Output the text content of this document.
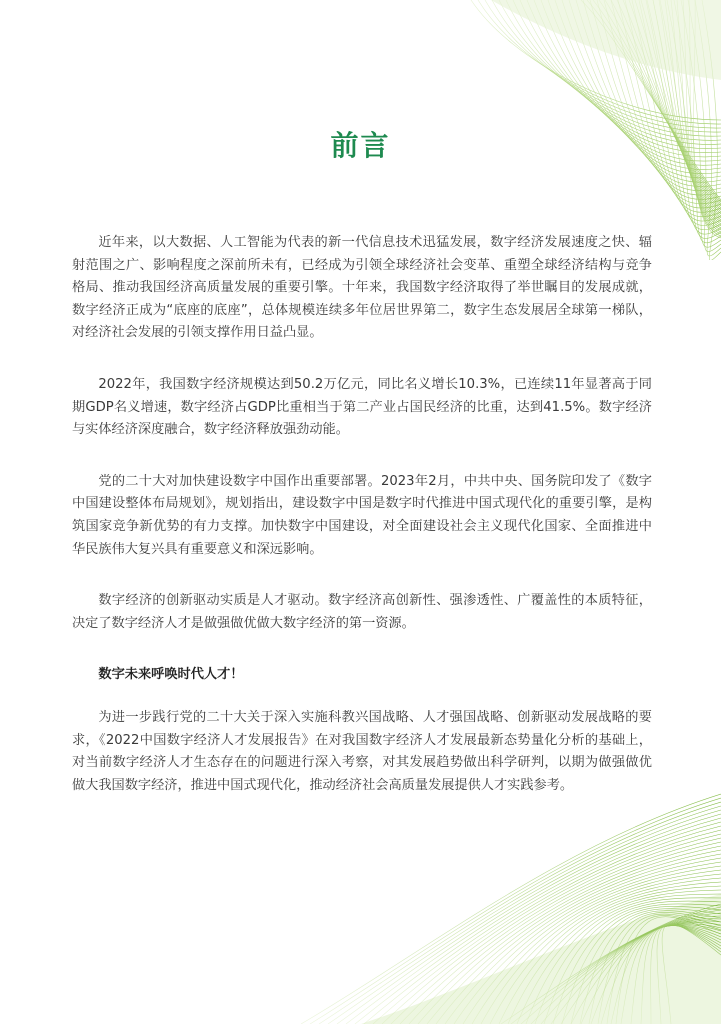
前言

近年来，以大数据、人工智能为代表的新一代信息技术迅猛发展，数字经济发展速度之快、辐射范围之广、影响程度之深前所未有，已经成为引领全球经济社会变革、重塑全球经济结构与竞争格局、推动我国经济高质量发展的重要引擎。十年来，我国数字经济取得了举世瞩目的发展成就，数字经济正成为“底座的底座”，总体规模连续多年位居世界第二，数字生态发展居全球第一梯队，对经济社会发展的引领支撑作用日益凸显。

2022年，我国数字经济规模达到50.2万亿元，同比名义增长10.3%，已连续11年显著高于同期GDP名义增速，数字经济占GDP比重相当于第二产业占国民经济的比重，达到41.5%。数字经济与实体经济深度融合，数字经济释放强劲动能。

党的二十大对加快建设数字中国作出重要部署。2023年2月，中共中央、国务院印发了《数字中国建设整体布局规划》，规划指出，建设数字中国是数字时代推进中国式现代化的重要引擎，是构筑国家竞争新优势的有力支撑。加快数字中国建设，对全面建设社会主义现代化国家、全面推进中华民族伟大复兴具有重要意义和深远影响。

数字经济的创新驱动实质是人才驱动。数字经济高创新性、强渗透性、广覆盖性的本质特征，决定了数字经济人才是做强做优做大数字经济的第一资源。

数字未来呼唤时代人才！

为进一步践行党的二十大关于深入实施科教兴国战略、人才强国战略、创新驱动发展战略的要求，《2022中国数字经济人才发展报告》在对我国数字经济人才发展最新态势量化分析的基础上，对当前数字经济人才生态存在的问题进行深入考察，对其发展趋势做出科学研判，以期为做强做优做大我国数字经济，推进中国式现代化，推动经济社会高质量发展提供人才实践参考。
